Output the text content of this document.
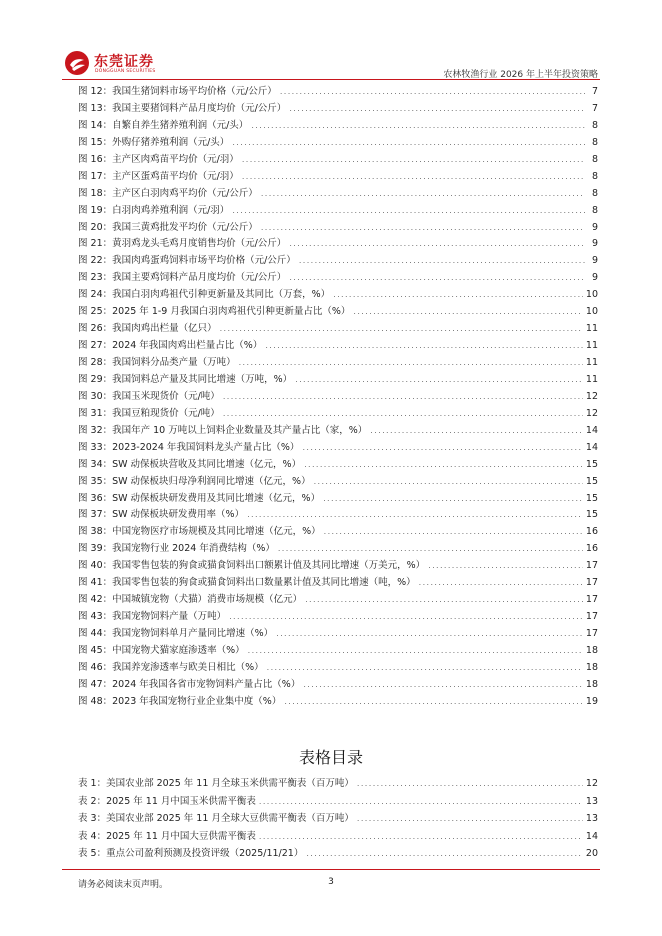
东莞证券
DONGGUAN SECURITIES	农林牧渔行业 2026 年上半年投资策略
图 12：我国生猪饲料市场平均价格（元/公斤） .....	7
图 13：我国主要猪饲料产品月度均价（元/公斤） .....	7
图 14：自繁自养生猪养殖利润（元/头） .....	8
图 15：外购仔猪养殖利润（元/头） .....	8
图 16：主产区肉鸡苗平均价（元/羽） .....	8
图 17：主产区蛋鸡苗平均价（元/羽） .....	8
图 18：主产区白羽肉鸡平均价（元/公斤） .....	8
图 19：白羽肉鸡养殖利润（元/羽） .....	8
图 20：我国三黄鸡批发平均价（元/公斤） .....	9
图 21：黄羽鸡龙头毛鸡月度销售均价（元/公斤） .....	9
图 22：我国肉鸡蛋鸡饲料市场平均价格（元/公斤） .....	9
图 23：我国主要鸡饲料产品月度均价（元/公斤） .....	9
图 24：我国白羽肉鸡祖代引种更新量及其同比（万套，%） .....	10
图 25：2025 年 1-9 月我国白羽肉鸡祖代引种更新量占比（%） .....	10
图 26：我国肉鸡出栏量（亿只） .....	11
图 27：2024 年我国肉鸡出栏量占比（%） .....	11
图 28：我国饲料分品类产量（万吨） .....	11
图 29：我国饲料总产量及其同比增速（万吨，%） .....	11
图 30：我国玉米现货价（元/吨） .....	12
图 31：我国豆粕现货价（元/吨） .....	12
图 32：我国年产 10 万吨以上饲料企业数量及其产量占比（家，%） .....	14
图 33：2023-2024 年我国饲料龙头产量占比（%） .....	14
图 34：SW 动保板块营收及其同比增速（亿元，%） .....	15
图 35：SW 动保板块归母净利润同比增速（亿元，%） .....	15
图 36：SW 动保板块研发费用及其同比增速（亿元，%） .....	15
图 37：SW 动保板块研发费用率（%） .....	15
图 38：中国宠物医疗市场规模及其同比增速（亿元，%） .....	16
图 39：我国宠物行业 2024 年消费结构（%） .....	16
图 40：我国零售包装的狗食或猫食饲料出口额累计值及其同比增速（万美元，%） .....	17
图 41：我国零售包装的狗食或猫食饲料出口数量累计值及其同比增速（吨，%） .....	17
图 42：中国城镇宠物（犬猫）消费市场规模（亿元） .....	17
图 43：我国宠物饲料产量（万吨） .....	17
图 44：我国宠物饲料单月产量同比增速（%） .....	17
图 45：中国宠物犬猫家庭渗透率（%） .....	18
图 46：我国养宠渗透率与欧美日相比（%） .....	18
图 47：2024 年我国各省市宠物饲料产量占比（%） .....	18
图 48：2023 年我国宠物行业企业集中度（%） .....	19
表格目录
表 1：美国农业部 2025 年 11 月全球玉米供需平衡表（百万吨） .....	12
表 2：2025 年 11 月中国玉米供需平衡表 .....	13
表 3：美国农业部 2025 年 11 月全球大豆供需平衡表（百万吨） .....	13
表 4：2025 年 11 月中国大豆供需平衡表 .....	14
表 5：重点公司盈利预测及投资评级（2025/11/21） .....	20
请务必阅读末页声明。	3
